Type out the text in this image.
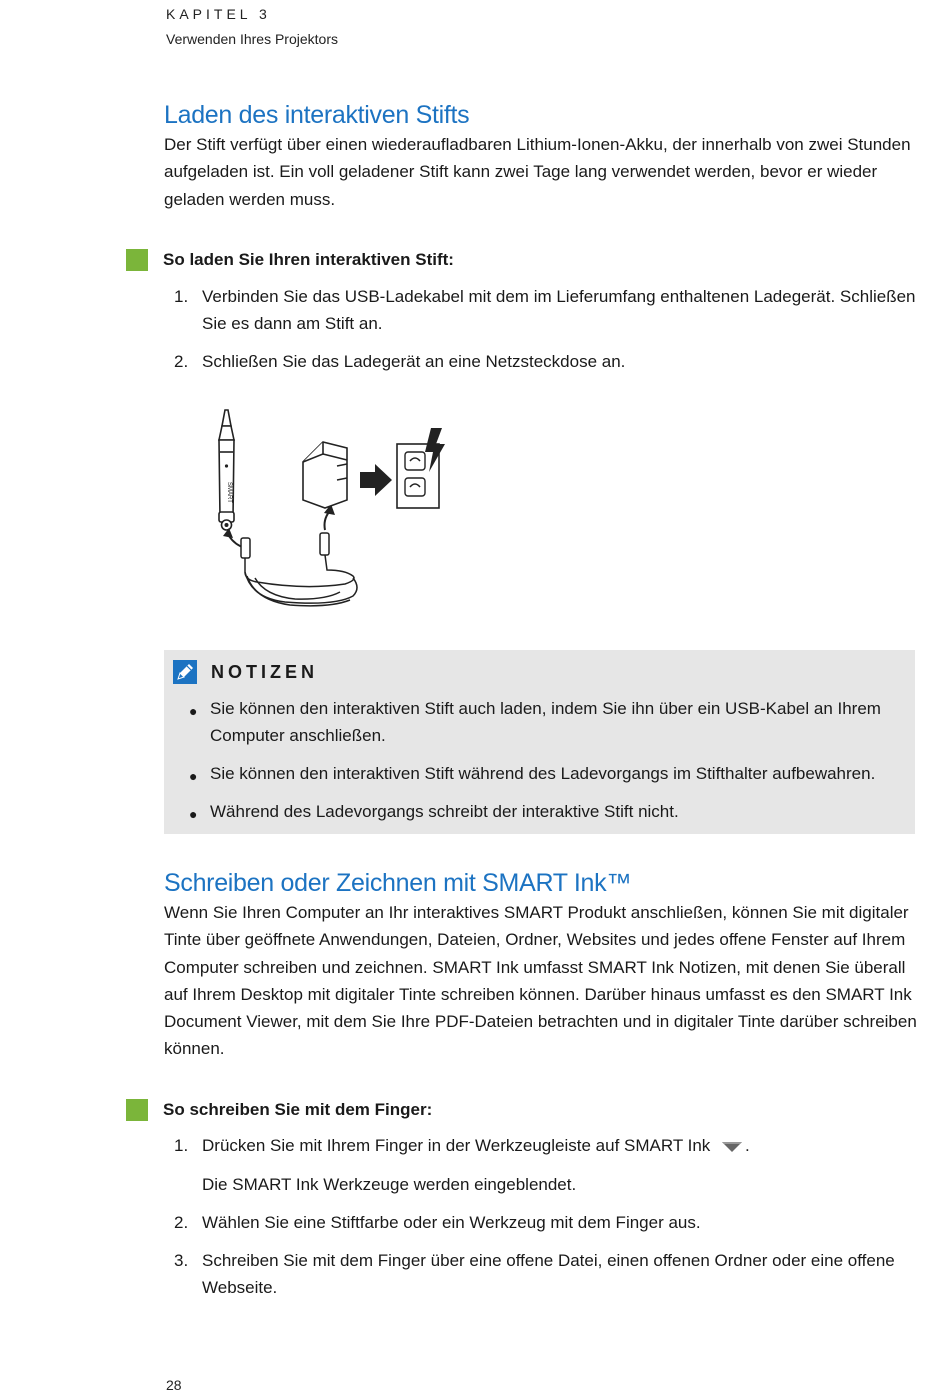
KAPITEL 3
Verwenden Ihres Projektors
Laden des interaktiven Stifts

Der Stift verfügt über einen wiederaufladbaren Lithium-Ionen-Akku, der innerhalb von zwei Stunden aufgeladen ist. Ein voll geladener Stift kann zwei Tage lang verwendet werden, bevor er wieder geladen werden muss.

So laden Sie Ihren interaktiven Stift:
1. Verbinden Sie das USB-Ladekabel mit dem im Lieferumfang enthaltenen Ladegerät. Schließen Sie es dann am Stift an.
2. Schließen Sie das Ladegerät an eine Netzsteckdose an.
SMART
NOTIZEN
● Sie können den interaktiven Stift auch laden, indem Sie ihn über ein USB-Kabel an Ihrem Computer anschließen.
● Sie können den interaktiven Stift während des Ladevorgangs im Stifthalter aufbewahren.
● Während des Ladevorgangs schreibt der interaktive Stift nicht.
Schreiben oder Zeichnen mit SMART Ink™

Wenn Sie Ihren Computer an Ihr interaktives SMART Produkt anschließen, können Sie mit digitaler Tinte über geöffnete Anwendungen, Dateien, Ordner, Websites und jedes offene Fenster auf Ihrem Computer schreiben und zeichnen. SMART Ink umfasst SMART Ink Notizen, mit denen Sie überall auf Ihrem Desktop mit digitaler Tinte schreiben können. Darüber hinaus umfasst es den SMART Ink Document Viewer, mit dem Sie Ihre PDF-Dateien betrachten und in digitaler Tinte darüber schreiben können.

So schreiben Sie mit dem Finger:
1. Drücken Sie mit Ihrem Finger in der Werkzeugleiste auf SMART Ink .
Die SMART Ink Werkzeuge werden eingeblendet.
2. Wählen Sie eine Stiftfarbe oder ein Werkzeug mit dem Finger aus.
3. Schreiben Sie mit dem Finger über eine offene Datei, einen offenen Ordner oder eine offene Webseite.
28
